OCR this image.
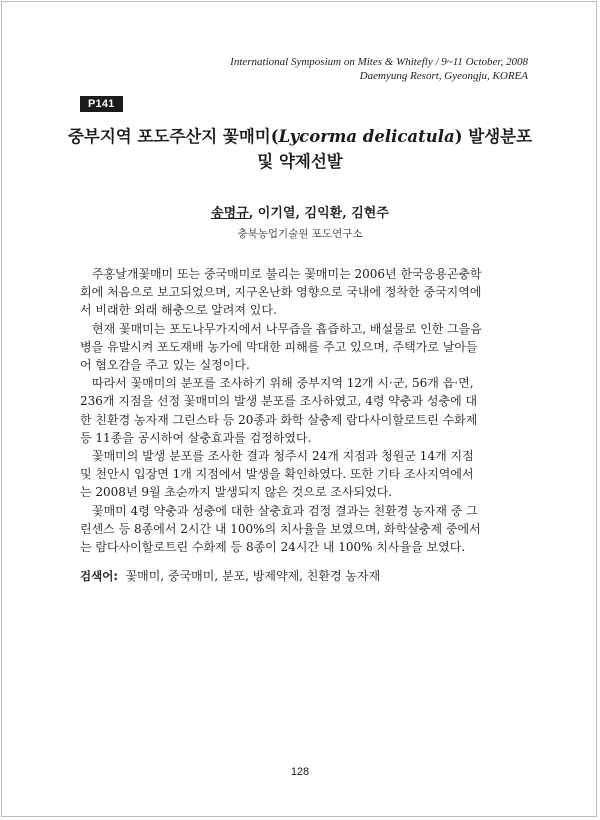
International Symposium on Mites & Whitefly / 9~11 October, 2008
Daemyung Resort, Gyeongju, KOREA
P141
중부지역 포도주산지 꽃매미(Lycorma delicatula) 발생분포 및 약제선발
송명규, 이기열, 김익환, 김현주
충북농업기술원 포도연구소
주홍날개꽃매미 또는 중국매미로 불리는 꽃매미는 2006년 한국응용곤충학
회에 처음으로 보고되었으며, 지구온난화 영향으로 국내에 정착한 중국지역에
서 비래한 외래 해충으로 알려져 있다.
현재 꽃매미는 포도나무가지에서 나무즙을 흡즙하고, 배설물로 인한 그을음
병을 유발시켜 포도재배 농가에 막대한 피해를 주고 있으며, 주택가로 날아들
어 혐오감을 주고 있는 실정이다.
따라서 꽃매미의 분포를 조사하기 위해 중부지역 12개 시·군, 56개 읍·면,
236개 지점을 선정 꽃매미의 발생 분포를 조사하였고, 4령 약충과 성충에 대
한 친환경 농자재 그린스타 등 20종과 화학 살충제 람다사이할로트린 수화제
등 11종을 공시하여 살충효과를 검정하였다.
꽃매미의 발생 분포를 조사한 결과 청주시 24개 지점과 청원군 14개 지점
및 천안시 입장면 1개 지점에서 발생을 확인하였다. 또한 기타 조사지역에서
는 2008년 9월 초순까지 발생되지 않은 것으로 조사되었다.
꽃매미 4령 약충과 성충에 대한 살충효과 검정 결과는 친환경 농자재 중 그
린센스 등 8종에서 2시간 내 100%의 치사율을 보였으며, 화학살충제 중에서
는 람다사이할로트린 수화제 등 8종이 24시간 내 100% 치사율을 보였다.
검색어: 꽃매미, 중국매미, 분포, 방제약제, 친환경 농자재
128
